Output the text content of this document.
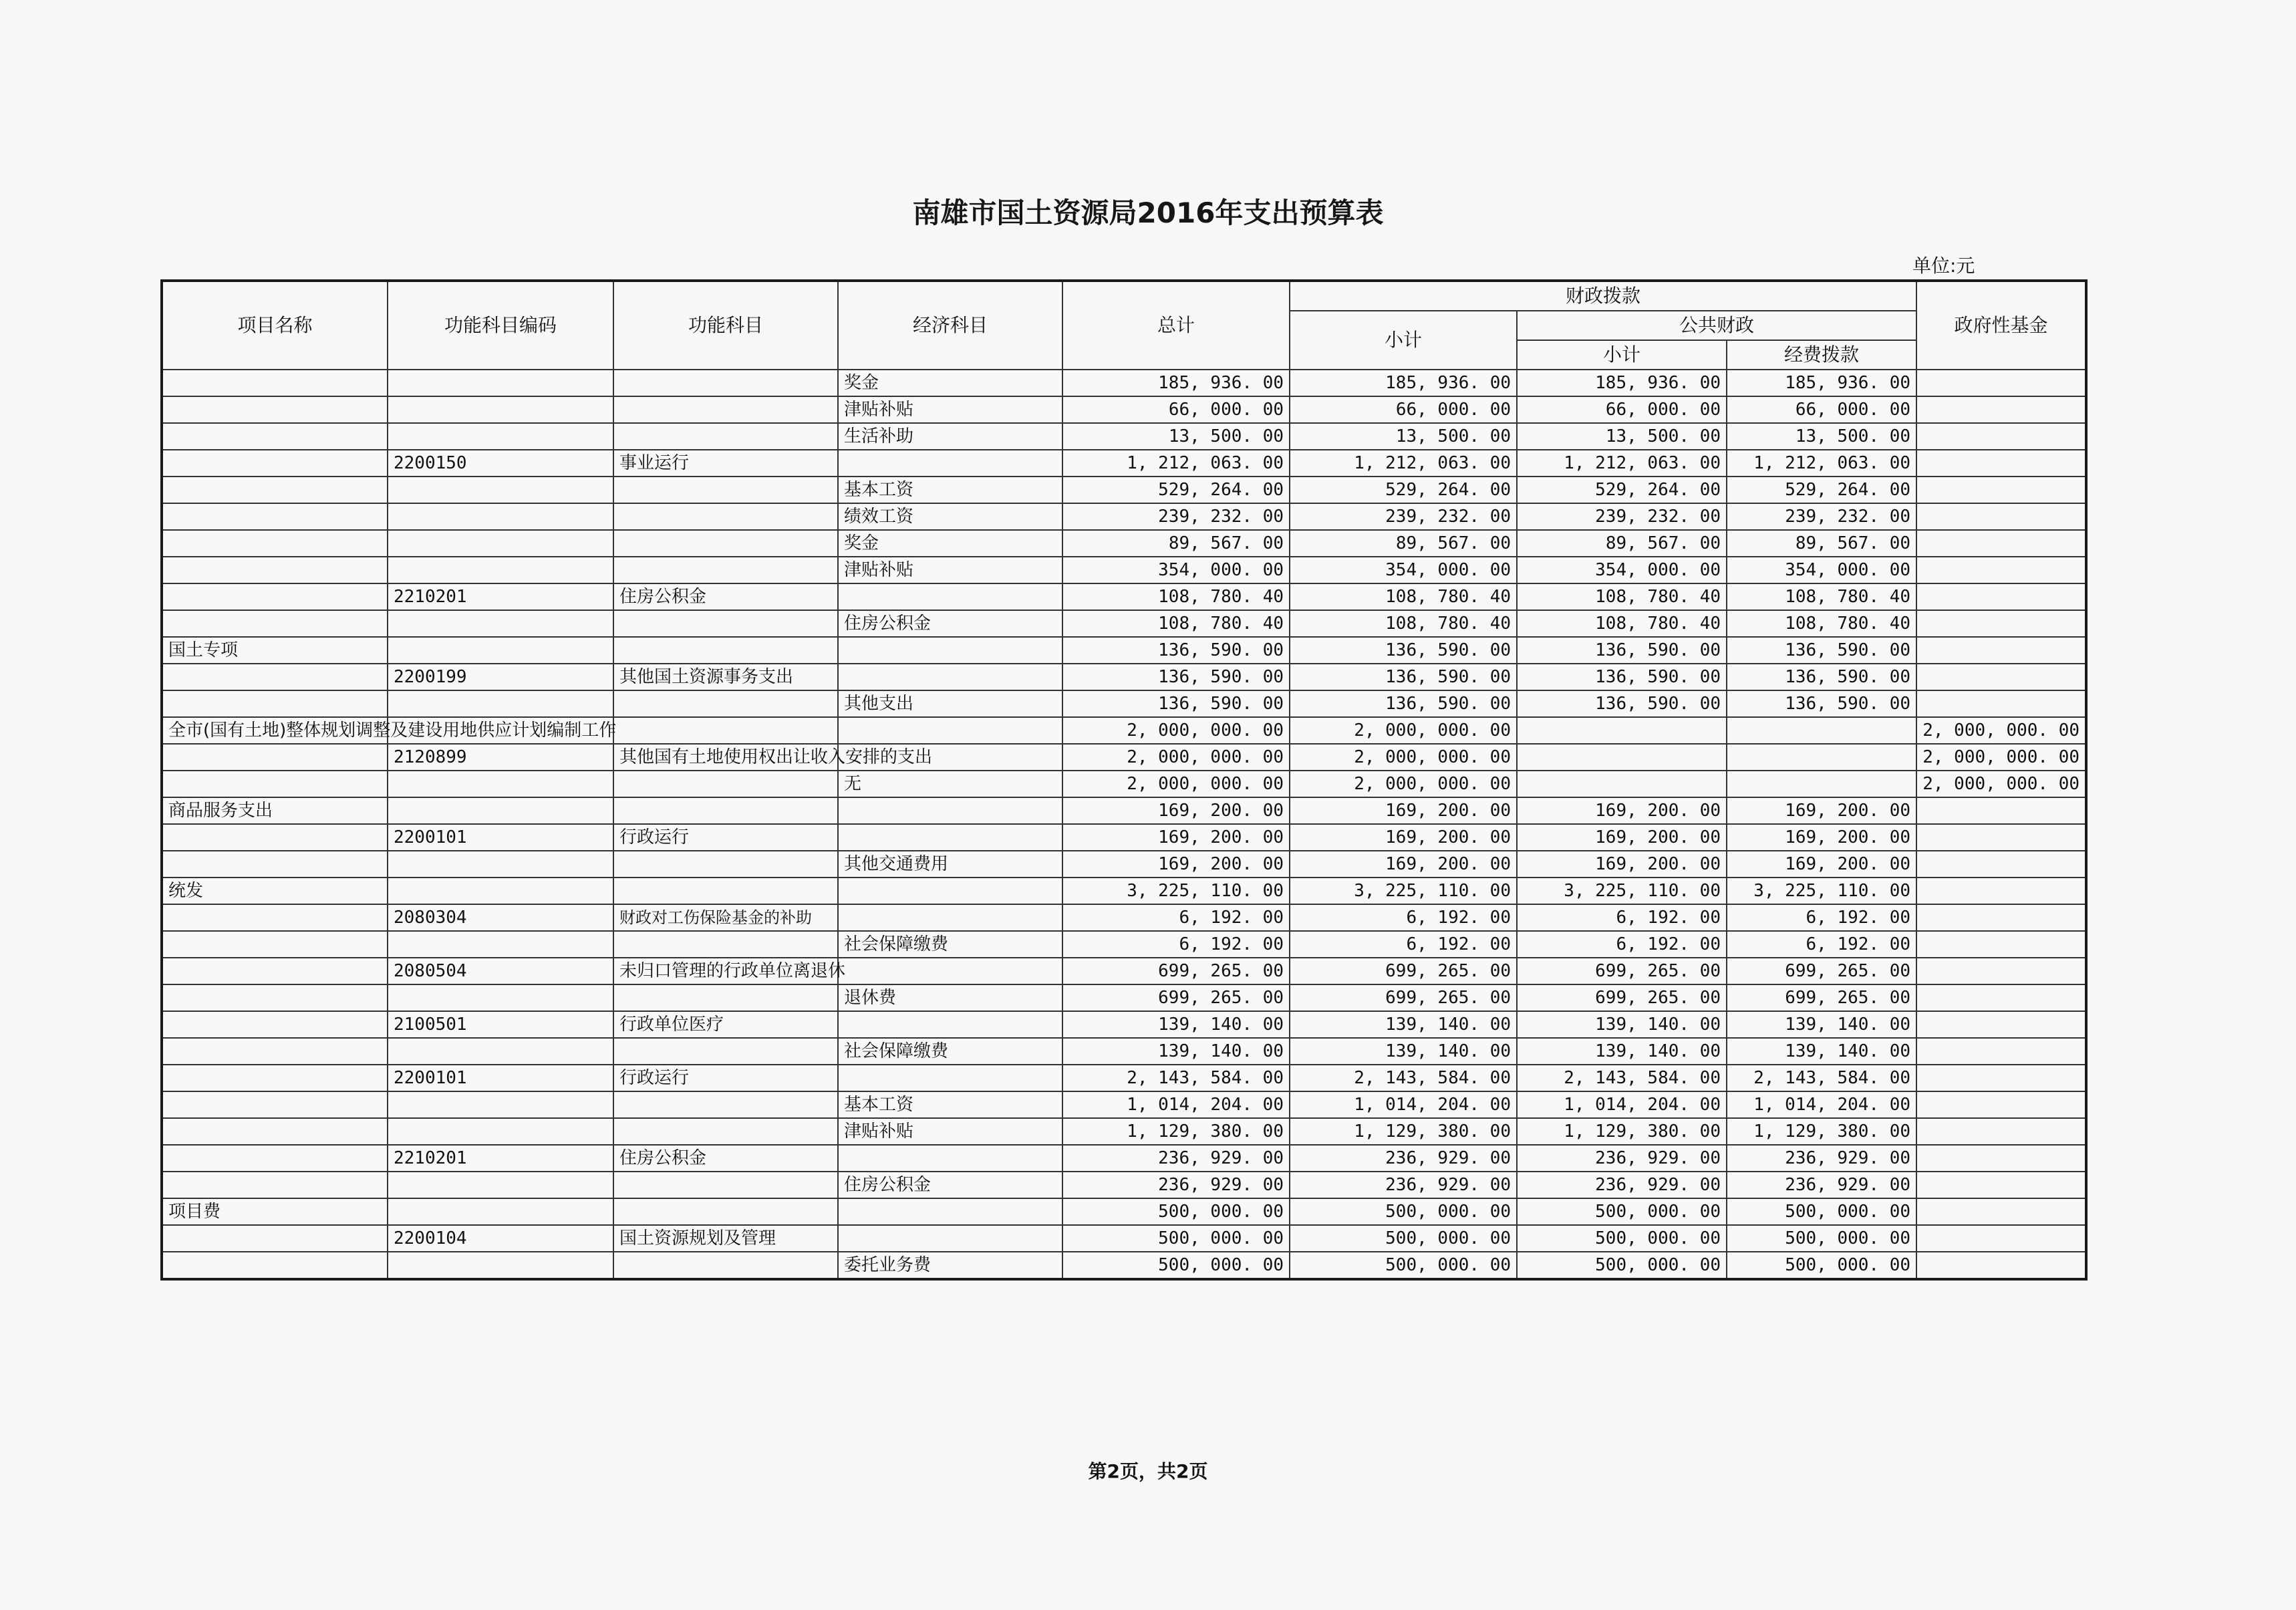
南雄市国土资源局2016年支出预算表
单位:元
项目名称	功能科目编码	功能科目	经济科目	总计	财政拨款			政府性基金
					小计	公共财政		
						小计	经费拨款	
			奖金	185, 936. 00	185, 936. 00	185, 936. 00	185, 936. 00	
			津贴补贴	66, 000. 00	66, 000. 00	66, 000. 00	66, 000. 00	
			生活补助	13, 500. 00	13, 500. 00	13, 500. 00	13, 500. 00	
	2200150	事业运行		1, 212, 063. 00	1, 212, 063. 00	1, 212, 063. 00	1, 212, 063. 00	
			基本工资	529, 264. 00	529, 264. 00	529, 264. 00	529, 264. 00	
			绩效工资	239, 232. 00	239, 232. 00	239, 232. 00	239, 232. 00	
			奖金	89, 567. 00	89, 567. 00	89, 567. 00	89, 567. 00	
			津贴补贴	354, 000. 00	354, 000. 00	354, 000. 00	354, 000. 00	
	2210201	住房公积金		108, 780. 40	108, 780. 40	108, 780. 40	108, 780. 40	
			住房公积金	108, 780. 40	108, 780. 40	108, 780. 40	108, 780. 40	
国土专项				136, 590. 00	136, 590. 00	136, 590. 00	136, 590. 00	
	2200199	其他国土资源事务支出		136, 590. 00	136, 590. 00	136, 590. 00	136, 590. 00	
			其他支出	136, 590. 00	136, 590. 00	136, 590. 00	136, 590. 00	
全市(国有土地)整体规划调整及建设用地供应计划编制工作				2, 000, 000. 00	2, 000, 000. 00			2, 000, 000. 00
	2120899	其他国有土地使用权出让收入安排的支出		2, 000, 000. 00	2, 000, 000. 00			2, 000, 000. 00
			无	2, 000, 000. 00	2, 000, 000. 00			2, 000, 000. 00
商品服务支出				169, 200. 00	169, 200. 00	169, 200. 00	169, 200. 00	
	2200101	行政运行		169, 200. 00	169, 200. 00	169, 200. 00	169, 200. 00	
			其他交通费用	169, 200. 00	169, 200. 00	169, 200. 00	169, 200. 00	
统发				3, 225, 110. 00	3, 225, 110. 00	3, 225, 110. 00	3, 225, 110. 00	
	2080304	财政对工伤保险基金的补助		6, 192. 00	6, 192. 00	6, 192. 00	6, 192. 00	
			社会保障缴费	6, 192. 00	6, 192. 00	6, 192. 00	6, 192. 00	
	2080504	未归口管理的行政单位离退休		699, 265. 00	699, 265. 00	699, 265. 00	699, 265. 00	
			退休费	699, 265. 00	699, 265. 00	699, 265. 00	699, 265. 00	
	2100501	行政单位医疗		139, 140. 00	139, 140. 00	139, 140. 00	139, 140. 00	
			社会保障缴费	139, 140. 00	139, 140. 00	139, 140. 00	139, 140. 00	
	2200101	行政运行		2, 143, 584. 00	2, 143, 584. 00	2, 143, 584. 00	2, 143, 584. 00	
			基本工资	1, 014, 204. 00	1, 014, 204. 00	1, 014, 204. 00	1, 014, 204. 00	
			津贴补贴	1, 129, 380. 00	1, 129, 380. 00	1, 129, 380. 00	1, 129, 380. 00	
	2210201	住房公积金		236, 929. 00	236, 929. 00	236, 929. 00	236, 929. 00	
			住房公积金	236, 929. 00	236, 929. 00	236, 929. 00	236, 929. 00	
项目费				500, 000. 00	500, 000. 00	500, 000. 00	500, 000. 00	
	2200104	国土资源规划及管理		500, 000. 00	500, 000. 00	500, 000. 00	500, 000. 00	
			委托业务费	500, 000. 00	500, 000. 00	500, 000. 00	500, 000. 00	
第2页，共2页
